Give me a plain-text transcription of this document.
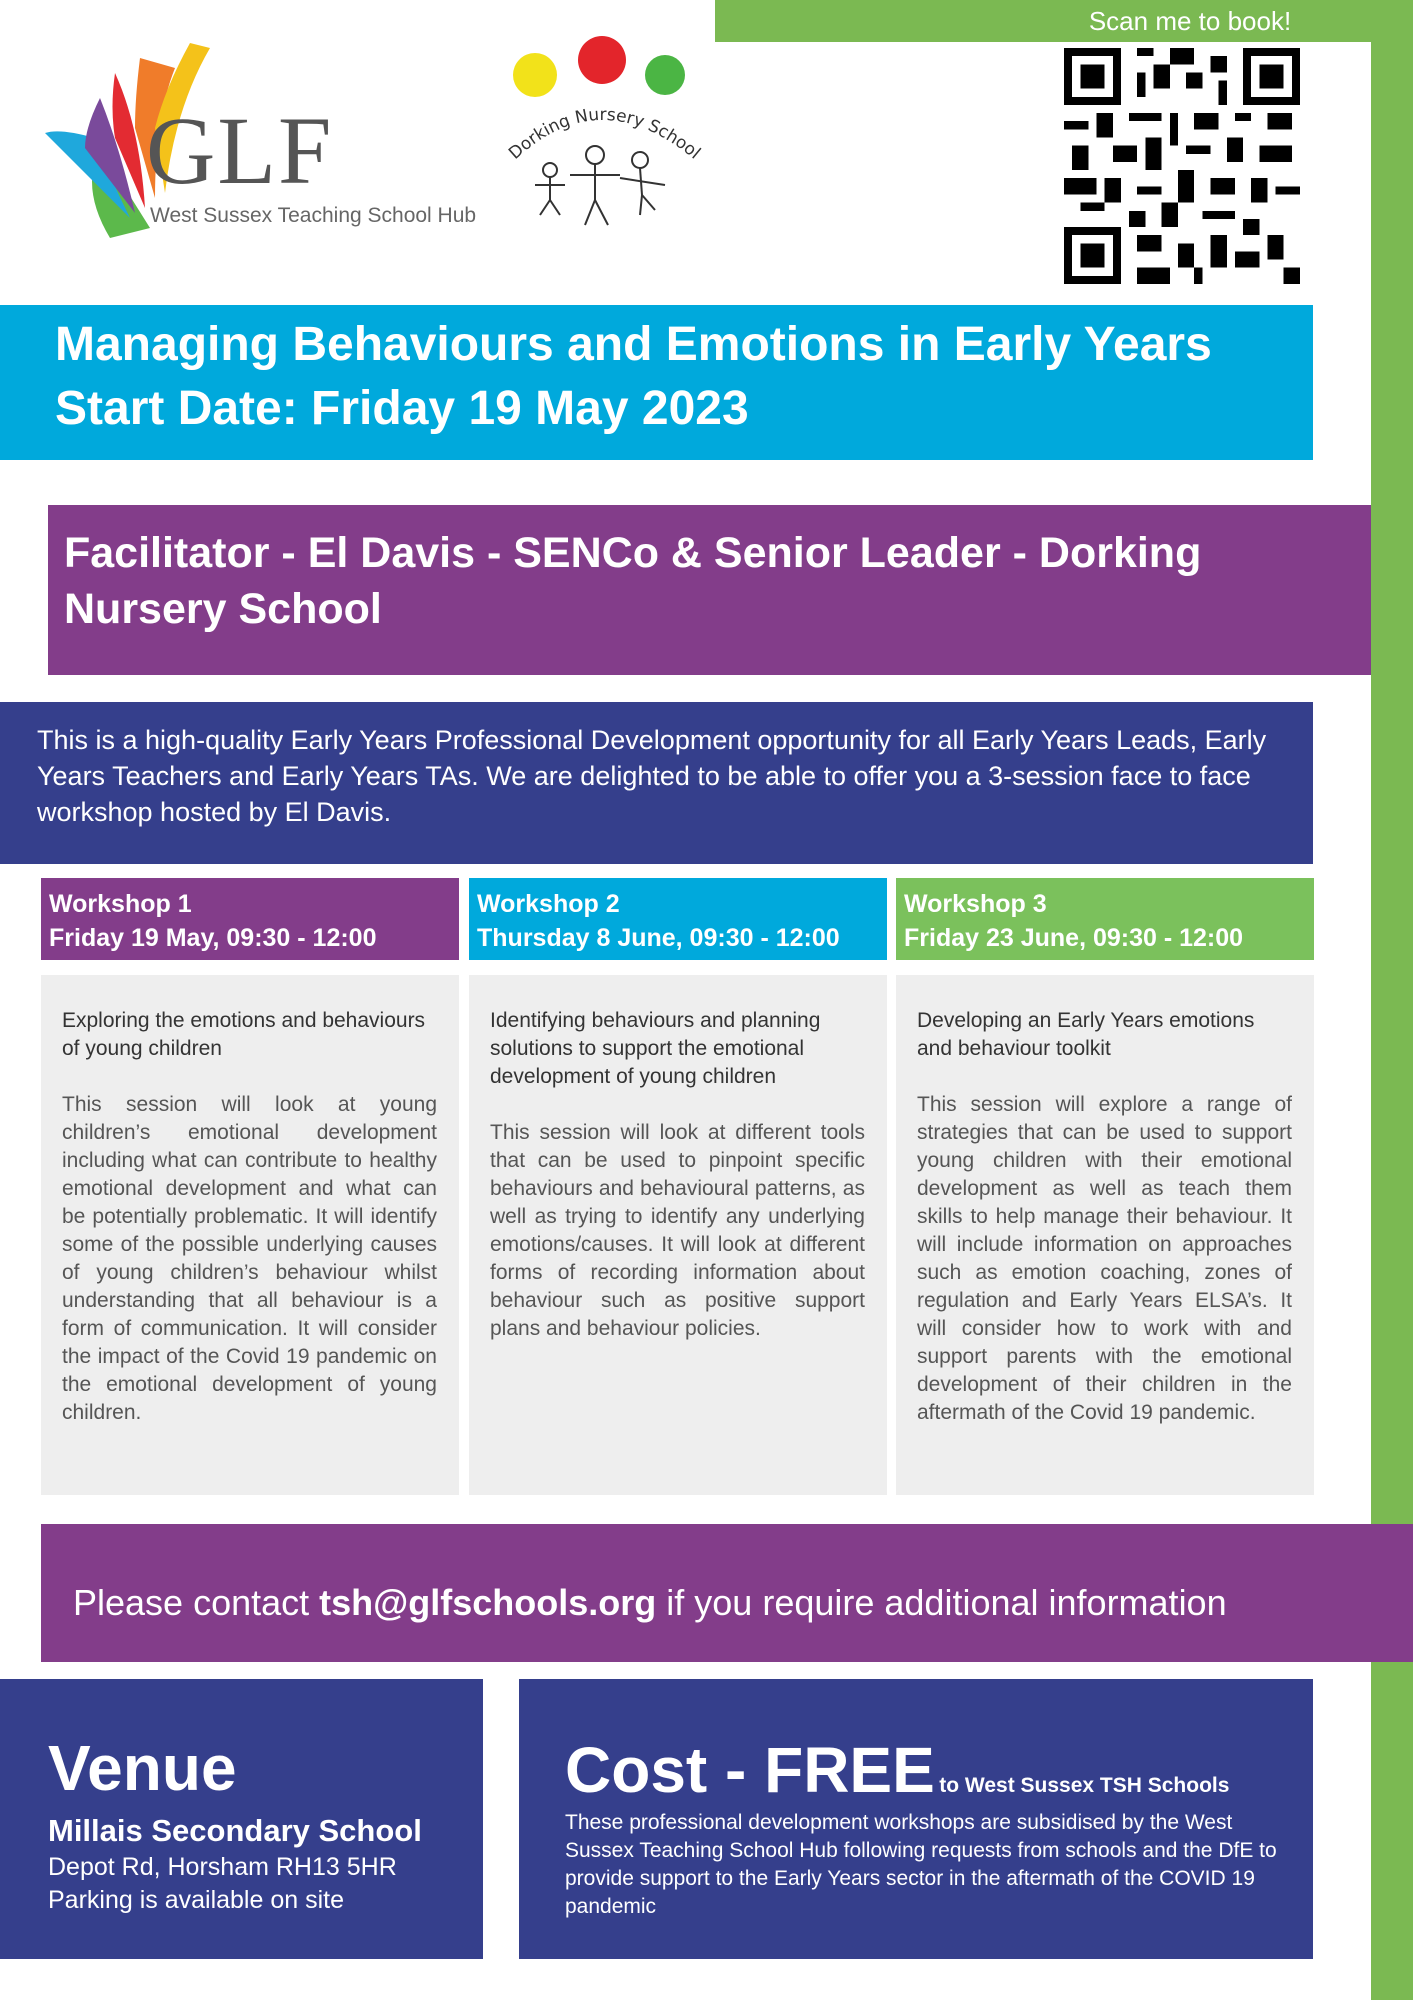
Scan me to book!
GLF
West Sussex Teaching School Hub
Dorking Nursery School
Managing Behaviours and Emotions in Early Years
Start Date: Friday 19 May 2023
Facilitator - El Davis - SENCo & Senior Leader - Dorking Nursery School
This is a high-quality Early Years Professional Development opportunity for all Early Years Leads, Early Years Teachers and Early Years TAs. We are delighted to be able to offer you a 3-session face to face workshop hosted by El Davis.
Workshop 1
Friday 19 May, 09:30 - 12:00
Workshop 2
Thursday 8 June, 09:30 - 12:00
Workshop 3
Friday 23 June, 09:30 - 12:00
Exploring the emotions and behaviours of young children
This session will look at young children’s emotional development including what can contribute to healthy emotional development and what can be potentially problematic. It will identify some of the possible underlying causes of young children’s behaviour whilst understanding that all behaviour is a form of communication. It will consider the impact of the Covid 19 pandemic on the emotional development of young children.
Identifying behaviours and planning solutions to support the emotional development of young children
This session will look at different tools that can be used to pinpoint specific behaviours and behavioural patterns, as well as trying to identify any underlying emotions/causes. It will look at different forms of recording information about behaviour such as positive support plans and behaviour policies.
Developing an Early Years emotions and behaviour toolkit
This session will explore a range of strategies that can be used to support young children with their emotional development as well as teach them skills to help manage their behaviour. It will include information on approaches such as emotion coaching, zones of regulation and Early Years ELSA’s. It will consider how to work with and support parents with the emotional development of their children in the aftermath of the Covid 19 pandemic.
Please contact tsh@glfschools.org if you require additional information
Venue
Millais Secondary School
Depot Rd, Horsham RH13 5HR
Parking is available on site
Cost - FREE to West Sussex TSH Schools
These professional development workshops are subsidised by the West Sussex Teaching School Hub following requests from schools and the DfE to provide support to the Early Years sector in the aftermath of the COVID 19 pandemic
